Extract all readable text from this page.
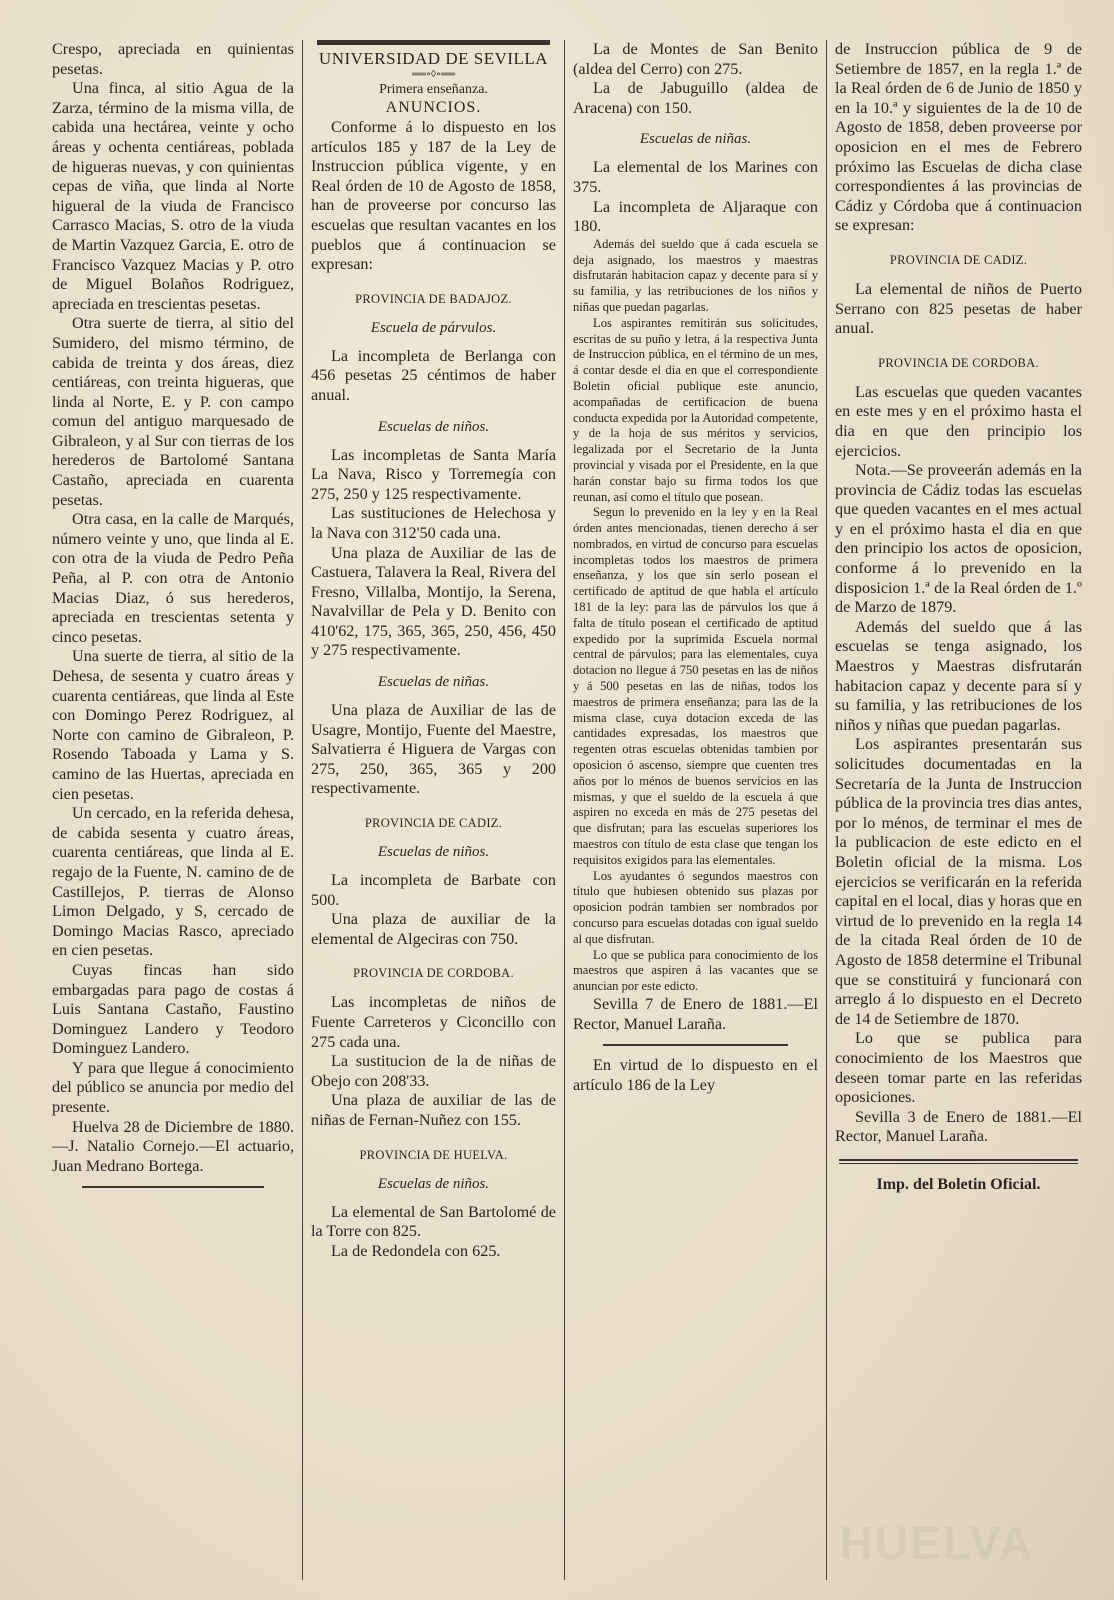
Crespo, apreciada en quinientas pesetas.

Una finca, al sitio Agua de la Zarza, término de la misma villa, de cabida una hectárea, veinte y ocho áreas y ochenta centiáreas, poblada de higueras nuevas, y con quinientas cepas de viña, que linda al Norte higueral de la viuda de Francisco Carrasco Macias, S. otro de la viuda de Martin Vazquez Garcia, E. otro de Francisco Vazquez Macias y P. otro de Miguel Bolaños Rodriguez, apreciada en trescientas pesetas.

Otra suerte de tierra, al sitio del Sumidero, del mismo término, de cabida de treinta y dos áreas, diez centiáreas, con treinta higueras, que linda al Norte, E. y P. con campo comun del antiguo marquesado de Gibraleon, y al Sur con tierras de los herederos de Bartolomé Santana Castaño, apreciada en cuarenta pesetas.

Otra casa, en la calle de Marqués, número veinte y uno, que linda al E. con otra de la viuda de Pedro Peña Peña, al P. con otra de Antonio Macias Diaz, ó sus herederos, apreciada en trescientas setenta y cinco pesetas.

Una suerte de tierra, al sitio de la Dehesa, de sesenta y cuatro áreas y cuarenta centiáreas, que linda al Este con Domingo Perez Rodriguez, al Norte con camino de Gibraleon, P. Rosendo Taboada y Lama y S. camino de las Huertas, apreciada en cien pesetas.

Un cercado, en la referida dehesa, de cabida sesenta y cuatro áreas, cuarenta centiáreas, que linda al E. regajo de la Fuente, N. camino de de Castillejos, P. tierras de Alonso Limon Delgado, y S, cercado de Domingo Macias Rasco, apreciado en cien pesetas.

Cuyas fincas han sido embargadas para pago de costas á Luis Santana Castaño, Faustino Dominguez Landero y Teodoro Dominguez Landero.

Y para que llegue á conocimiento del público se anuncia por medio del presente.

Huelva 28 de Diciembre de 1880.—J. Natalio Cornejo.—El actuario, Juan Medrano Bortega.

UNIVERSIDAD DE SEVILLA
══∘◊∘══
Primera enseñanza.
ANUNCIOS.

Conforme á lo dispuesto en los artículos 185 y 187 de la Ley de Instruccion pública vigente, y en Real órden de 10 de Agosto de 1858, han de proveerse por concurso las escuelas que resultan vacantes en los pueblos que á continuacion se expresan:

PROVINCIA DE BADAJOZ.
Escuela de párvulos.

La incompleta de Berlanga con 456 pesetas 25 céntimos de haber anual.

Escuelas de niños.

Las incompletas de Santa María La Nava, Risco y Torremegía con 275, 250 y 125 respectivamente.

Las sustituciones de Helechosa y la Nava con 312'50 cada una.

Una plaza de Auxiliar de las de Castuera, Talavera la Real, Rivera del Fresno, Villalba, Montijo, la Serena, Navalvillar de Pela y D. Benito con 410'62, 175, 365, 365, 250, 456, 450 y 275 respectivamente.

Escuelas de niñas.

Una plaza de Auxiliar de las de Usagre, Montijo, Fuente del Maestre, Salvatierra é Higuera de Vargas con 275, 250, 365, 365 y 200 respectivamente.

PROVINCIA DE CADIZ.
Escuelas de niños.

La incompleta de Barbate con 500.

Una plaza de auxiliar de la elemental de Algeciras con 750.

PROVINCIA DE CORDOBA.

Las incompletas de niños de Fuente Carreteros y Ciconcillo con 275 cada una.

La sustitucion de la de niñas de Obejo con 208'33.

Una plaza de auxiliar de las de niñas de Fernan-Nuñez con 155.

PROVINCIA DE HUELVA.
Escuelas de niños.

La elemental de San Bartolomé de la Torre con 825.

La de Redondela con 625.

La de Montes de San Benito (aldea del Cerro) con 275.

La de Jabuguillo (aldea de Aracena) con 150.

Escuelas de niñas.

La elemental de los Marines con 375.

La incompleta de Aljaraque con 180.

Además del sueldo que á cada escuela se deja asignado, los maestros y maestras disfrutarán habitacion capaz y decente para sí y su familia, y las retribuciones de los niños y niñas que puedan pagarlas.

Los aspirantes remitirán sus solicitudes, escritas de su puño y letra, á la respectiva Junta de Instruccion pública, en el término de un mes, á contar desde el dia en que el correspondiente Boletin oficial publique este anuncio, acompañadas de certificacion de buena conducta expedida por la Autoridad competente, y de la hoja de sus méritos y servicios, legalizada por el Secretario de la Junta provincial y visada por el Presidente, en la que harán constar bajo su firma todos los que reunan, así como el título que posean.

Segun lo prevenido en la ley y en la Real órden antes mencionadas, tienen derecho á ser nombrados, en virtud de concurso para escuelas incompletas todos los maestros de primera enseñanza, y los que sin serlo posean el certificado de aptitud de que habla el artículo 181 de la ley: para las de párvulos los que á falta de título posean el certificado de aptitud expedido por la suprimida Escuela normal central de párvulos; para las elementales, cuya dotacion no llegue á 750 pesetas en las de niños y á 500 pesetas en las de niñas, todos los maestros de primera enseñanza; para las de la misma clase, cuya dotacion exceda de las cantidades expresadas, los maestros que regenten otras escuelas obtenidas tambien por oposicion ó ascenso, siempre que cuenten tres años por lo ménos de buenos servicios en las mismas, y que el sueldo de la escuela á que aspiren no exceda en más de 275 pesetas del que disfrutan; para las escuelas superiores los maestros con título de esta clase que tengan los requisitos exigidos para las elementales.

Los ayudantes ó segundos maestros con título que hubiesen obtenido sus plazas por oposicion podrán tambien ser nombrados por concurso para escuelas dotadas con igual sueldo al que disfrutan.

Lo que se publica para conocimiento de los maestros que aspiren á las vacantes que se anuncian por este edicto.

Sevilla 7 de Enero de 1881.—El Rector, Manuel Laraña.

En virtud de lo dispuesto en el artículo 186 de la Ley

de Instruccion pública de 9 de Setiembre de 1857, en la regla 1.ª de la Real órden de 6 de Junio de 1850 y en la 10.ª y siguientes de la de 10 de Agosto de 1858, deben proveerse por oposicion en el mes de Febrero próximo las Escuelas de dicha clase correspondientes á las provincias de Cádiz y Córdoba que á continuacion se expresan:

PROVINCIA DE CADIZ.

La elemental de niños de Puerto Serrano con 825 pesetas de haber anual.

PROVINCIA DE CORDOBA.

Las escuelas que queden vacantes en este mes y en el próximo hasta el dia en que den principio los ejercicios.

Nota.—Se proveerán además en la provincia de Cádiz todas las escuelas que queden vacantes en el mes actual y en el próximo hasta el dia en que den principio los actos de oposicion, conforme á lo prevenido en la disposicion 1.ª de la Real órden de 1.º de Marzo de 1879.

Además del sueldo que á las escuelas se tenga asignado, los Maestros y Maestras disfrutarán habitacion capaz y decente para sí y su familia, y las retribuciones de los niños y niñas que puedan pagarlas.

Los aspirantes presentarán sus solicitudes documentadas en la Secretaría de la Junta de Instruccion pública de la provincia tres dias antes, por lo ménos, de terminar el mes de la publicacion de este edicto en el Boletin oficial de la misma. Los ejercicios se verificarán en la referida capital en el local, dias y horas que en virtud de lo prevenido en la regla 14 de la citada Real órden de 10 de Agosto de 1858 determine el Tribunal que se constituirá y funcionará con arreglo á lo dispuesto en el Decreto de 14 de Setiembre de 1870.

Lo que se publica para conocimiento de los Maestros que deseen tomar parte en las referidas oposiciones.

Sevilla 3 de Enero de 1881.—El Rector, Manuel Laraña.

Imp. del Boletin Oficial.
HUELVA
